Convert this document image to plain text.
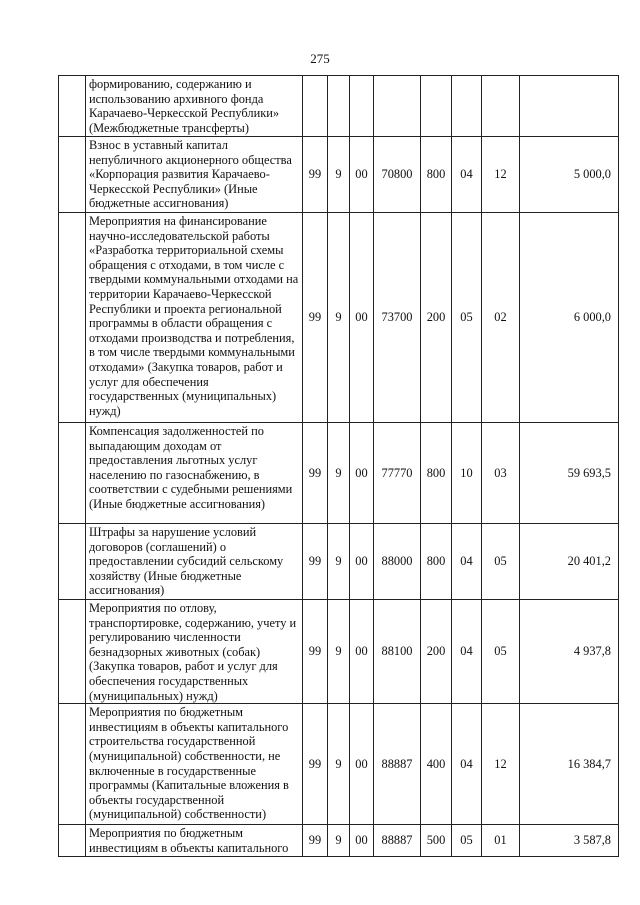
275
	формированию, содержанию и использованию архивного фонда Карачаево-Черкесской Республики» (Межбюджетные трансферты)								
	Взнос в уставный капитал непубличного акционерного общества «Корпорация развития Карачаево-Черкесской Республики» (Иные бюджетные ассигнования)	99	9	00	70800	800	04	12	5 000,0
	Мероприятия на финансирование научно-исследовательской работы «Разработка территориальной схемы обращения с отходами, в том числе с твердыми коммунальными отходами на территории Карачаево-Черкесской Республики и проекта региональной программы в области обращения с отходами производства и потребления, в том числе твердыми коммунальными отходами» (Закупка товаров, работ и услуг для обеспечения государственных (муниципальных) нужд)	99	9	00	73700	200	05	02	6 000,0
	Компенсация задолженностей по выпадающим доходам от предоставления льготных услуг населению по газоснабжению, в соответствии с судебными решениями (Иные бюджетные ассигнования)	99	9	00	77770	800	10	03	59 693,5
	Штрафы за нарушение условий договоров (соглашений) о предоставлении субсидий сельскому хозяйству (Иные бюджетные ассигнования)	99	9	00	88000	800	04	05	20 401,2
	Мероприятия по отлову, транспортировке, содержанию, учету и регулированию численности безнадзорных животных (собак) (Закупка товаров, работ и услуг для обеспечения государственных (муниципальных) нужд)	99	9	00	88100	200	04	05	4 937,8
	Мероприятия по бюджетным инвестициям в объекты капитального строительства государственной (муниципальной) собственности, не включенные в государственные программы (Капитальные вложения в объекты государственной (муниципальной) собственности)	99	9	00	88887	400	04	12	16 384,7
	Мероприятия по бюджетным инвестициям в объекты капитального	99	9	00	88887	500	05	01	3 587,8
